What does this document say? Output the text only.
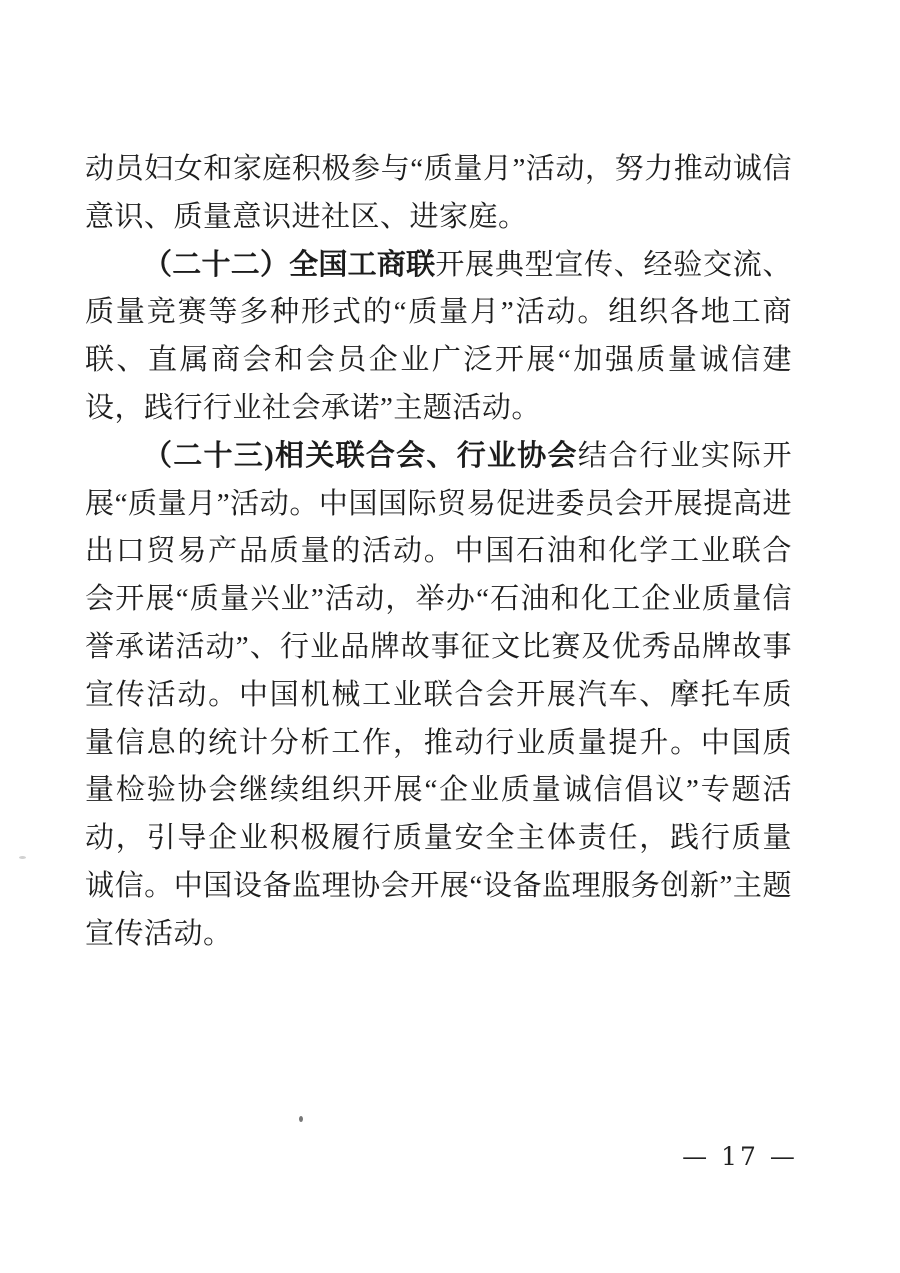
动员妇女和家庭积极参与“质量月”活动，努力推动诚信意识、质量意识进社区、进家庭。

（二十二）全国工商联开展典型宣传、经验交流、质量竞赛等多种形式的“质量月”活动。组织各地工商联、直属商会和会员企业广泛开展“加强质量诚信建设，践行行业社会承诺”主题活动。

（二十三)相关联合会、行业协会结合行业实际开展“质量月”活动。中国国际贸易促进委员会开展提高进出口贸易产品质量的活动。中国石油和化学工业联合会开展“质量兴业”活动，举办“石油和化工企业质量信誉承诺活动”、行业品牌故事征文比赛及优秀品牌故事宣传活动。中国机械工业联合会开展汽车、摩托车质量信息的统计分析工作，推动行业质量提升。中国质量检验协会继续组织开展“企业质量诚信倡议”专题活动，引导企业积极履行质量安全主体责任，践行质量诚信。中国设备监理协会开展“设备监理服务创新”主题宣传活动。

— 17 —
